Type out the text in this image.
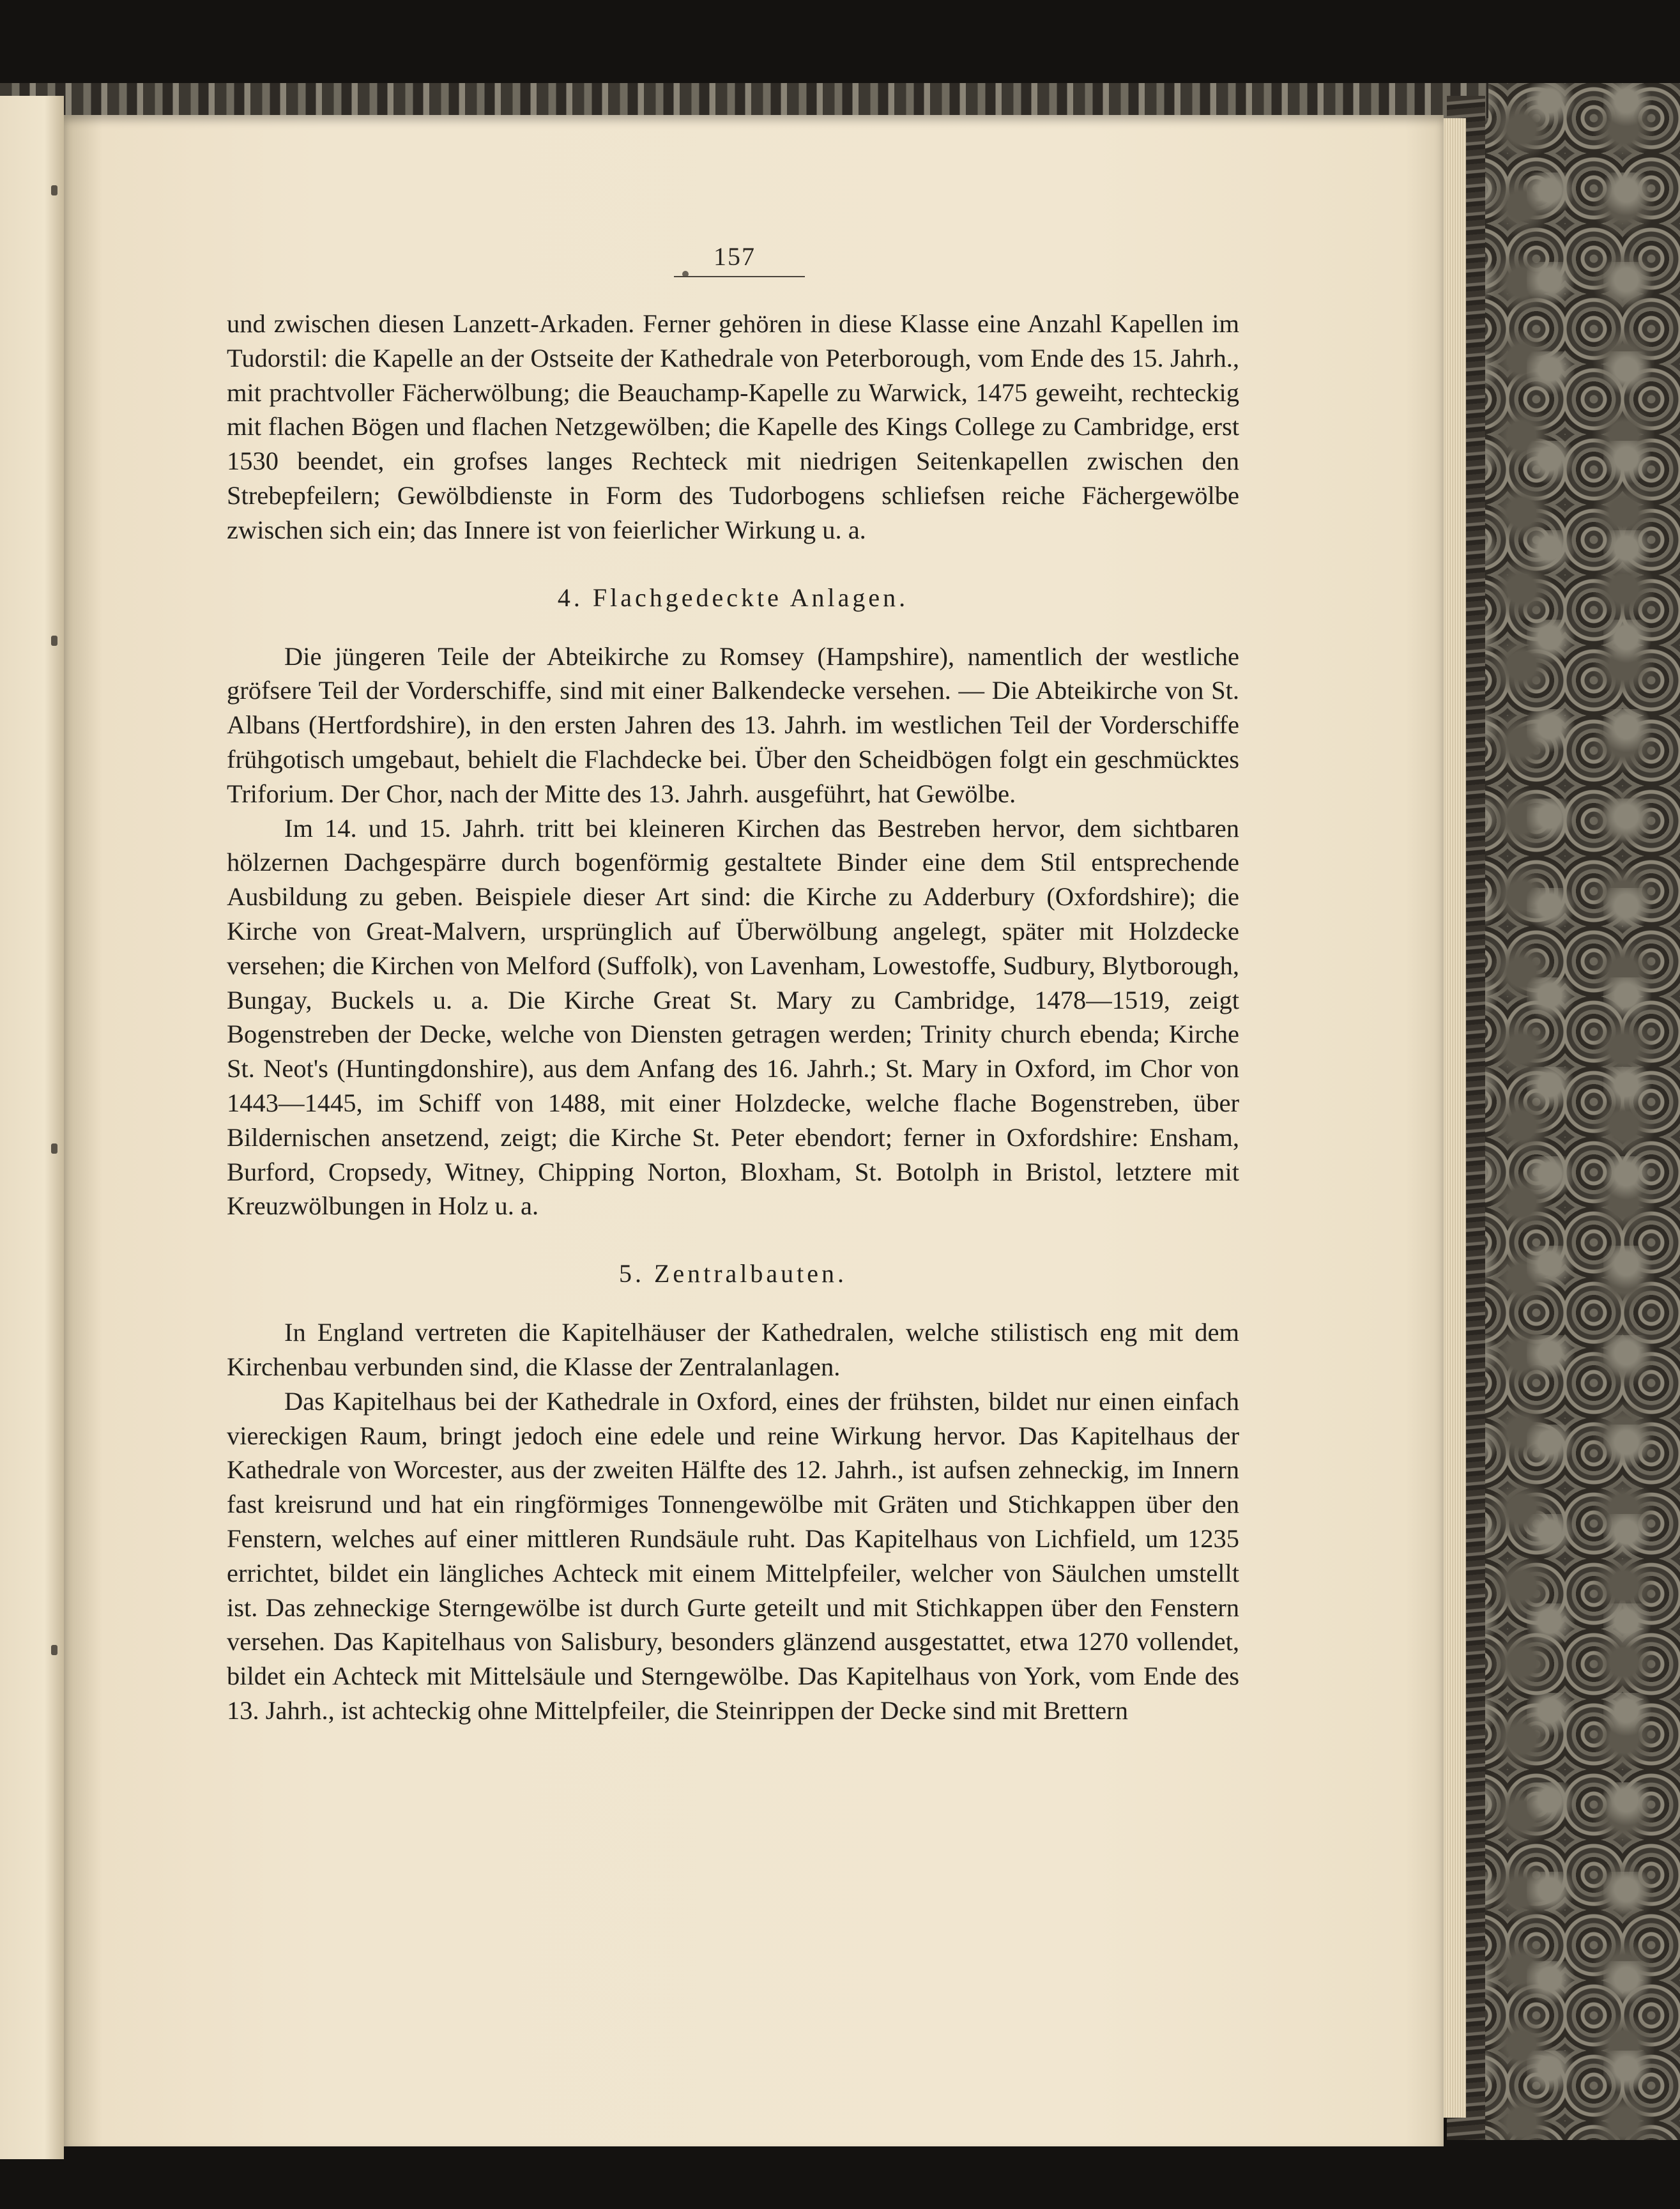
157

und zwischen diesen Lanzett-Arkaden. Ferner gehören in diese Klasse eine Anzahl Kapellen im Tudorstil: die Kapelle an der Ostseite der Kathedrale von Peterborough, vom Ende des 15. Jahrh., mit prachtvoller Fächerwölbung; die Beauchamp-Kapelle zu Warwick, 1475 geweiht, rechteckig mit flachen Bögen und flachen Netzgewölben; die Kapelle des Kings College zu Cambridge, erst 1530 beendet, ein grofses langes Rechteck mit niedrigen Seitenkapellen zwischen den Strebepfeilern; Gewölbdienste in Form des Tudorbogens schliefsen reiche Fächergewölbe zwischen sich ein; das Innere ist von feierlicher Wirkung u. a.

4. Flachgedeckte Anlagen.

Die jüngeren Teile der Abteikirche zu Romsey (Hampshire), namentlich der westliche gröfsere Teil der Vorderschiffe, sind mit einer Balkendecke versehen. — Die Abteikirche von St. Albans (Hertfordshire), in den ersten Jahren des 13. Jahrh. im westlichen Teil der Vorderschiffe frühgotisch umgebaut, behielt die Flachdecke bei. Über den Scheidbögen folgt ein geschmücktes Triforium. Der Chor, nach der Mitte des 13. Jahrh. ausgeführt, hat Gewölbe.

Im 14. und 15. Jahrh. tritt bei kleineren Kirchen das Bestreben hervor, dem sichtbaren hölzernen Dachgespärre durch bogenförmig gestaltete Binder eine dem Stil entsprechende Ausbildung zu geben. Beispiele dieser Art sind: die Kirche zu Adderbury (Oxfordshire); die Kirche von Great-Malvern, ursprünglich auf Überwölbung angelegt, später mit Holzdecke versehen; die Kirchen von Melford (Suffolk), von Lavenham, Lowestoffe, Sudbury, Blytborough, Bungay, Buckels u. a. Die Kirche Great St. Mary zu Cambridge, 1478—1519, zeigt Bogenstreben der Decke, welche von Diensten getragen werden; Trinity church ebenda; Kirche St. Neot's (Huntingdonshire), aus dem Anfang des 16. Jahrh.; St. Mary in Oxford, im Chor von 1443—1445, im Schiff von 1488, mit einer Holzdecke, welche flache Bogenstreben, über Bildernischen ansetzend, zeigt; die Kirche St. Peter ebendort; ferner in Oxfordshire: Ensham, Burford, Cropsedy, Witney, Chipping Norton, Bloxham, St. Botolph in Bristol, letztere mit Kreuzwölbungen in Holz u. a.

5. Zentralbauten.

In England vertreten die Kapitelhäuser der Kathedralen, welche stilistisch eng mit dem Kirchenbau verbunden sind, die Klasse der Zentralanlagen.

Das Kapitelhaus bei der Kathedrale in Oxford, eines der frühsten, bildet nur einen einfach viereckigen Raum, bringt jedoch eine edele und reine Wirkung hervor. Das Kapitelhaus der Kathedrale von Worcester, aus der zweiten Hälfte des 12. Jahrh., ist aufsen zehneckig, im Innern fast kreisrund und hat ein ringförmiges Tonnengewölbe mit Gräten und Stichkappen über den Fenstern, welches auf einer mittleren Rundsäule ruht. Das Kapitelhaus von Lichfield, um 1235 errichtet, bildet ein längliches Achteck mit einem Mittelpfeiler, welcher von Säulchen umstellt ist. Das zehneckige Sterngewölbe ist durch Gurte geteilt und mit Stichkappen über den Fenstern versehen. Das Kapitelhaus von Salisbury, besonders glänzend ausgestattet, etwa 1270 vollendet, bildet ein Achteck mit Mittelsäule und Sterngewölbe. Das Kapitelhaus von York, vom Ende des 13. Jahrh., ist achteckig ohne Mittelpfeiler, die Steinrippen der Decke sind mit Brettern
